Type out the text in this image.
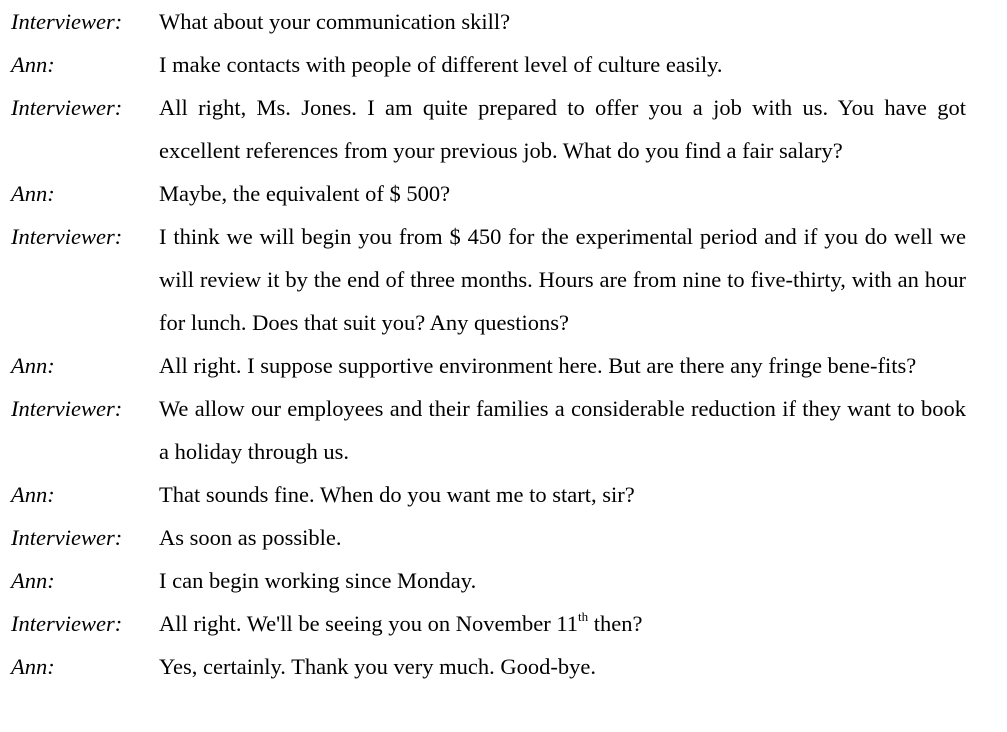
Interviewer:	What about your communication skill?
Ann:	I make contacts with people of different level of culture easily.
Interviewer:	All right, Ms. Jones. I am quite prepared to offer you a job with us. You have got excellent references from your previous job. What do you find a fair salary?
Ann:	Maybe, the equivalent of $ 500?
Interviewer:	I think we will begin you from $ 450 for the experimental period and if you do well we will review it by the end of three months. Hours are from nine to five-thirty, with an hour for lunch. Does that suit you? Any questions?
Ann:	All right. I suppose supportive environment here. But are there any fringe bene-fits?
Interviewer:	We allow our employees and their families a considerable reduction if they want to book a holiday through us.
Ann:	That sounds fine. When do you want me to start, sir?
Interviewer:	As soon as possible.
Ann:	I can begin working since Monday.
Interviewer:	All right. We'll be seeing you on November 11th then?
Ann:	Yes, certainly. Thank you very much. Good-bye.
